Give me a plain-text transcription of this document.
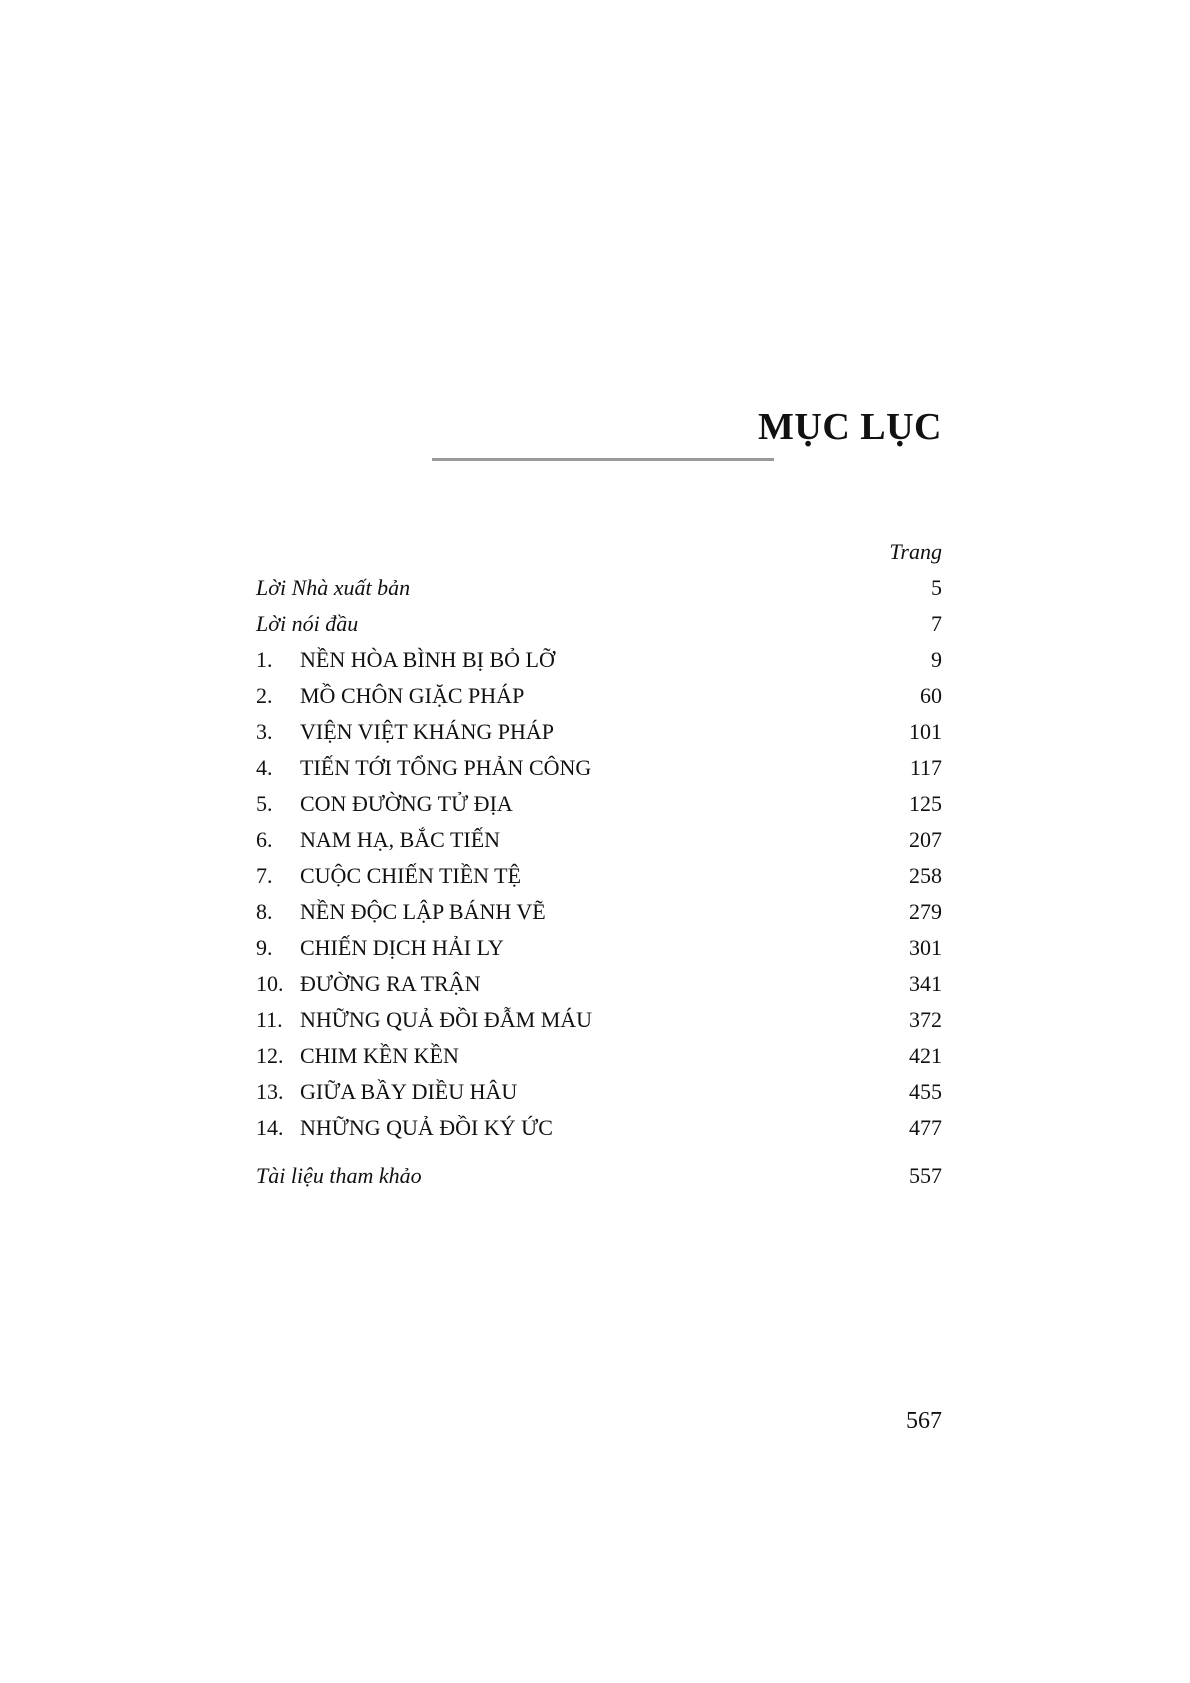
MỤC LỤC
Trang
Lời Nhà xuất bản	5
Lời nói đầu	7
1.	NỀN HÒA BÌNH BỊ BỎ LỠ	9
2.	MỒ CHÔN GIẶC PHÁP	60
3.	VIỆN VIỆT KHÁNG PHÁP	101
4.	TIẾN TỚI TỔNG PHẢN CÔNG	117
5.	CON ĐƯỜNG TỬ ĐỊA	125
6.	NAM HẠ, BẮC TIẾN	207
7.	CUỘC CHIẾN TIỀN TỆ	258
8.	NỀN ĐỘC LẬP BÁNH VẼ	279
9.	CHIẾN DỊCH HẢI LY	301
10. ĐƯỜNG RA TRẬN	341
11. NHỮNG QUẢ ĐỒI ĐẪM MÁU	372
12. CHIM KỀN KỀN	421
13. GIỮA BẦY DIỀU HÂU	455
14. NHỮNG QUẢ ĐỒI KÝ ỨC	477
Tài liệu tham khảo	557
567
